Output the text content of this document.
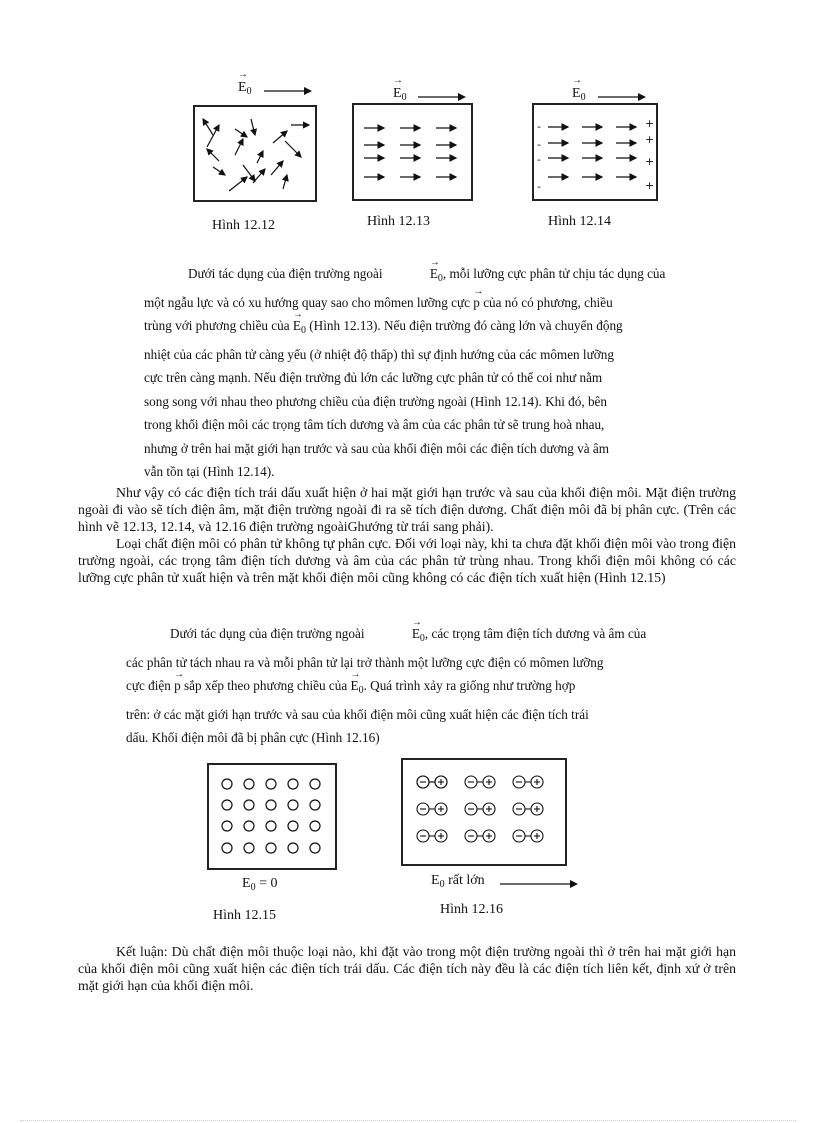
→ $E_0$
Hình 12.12
→ $E_0$
Hình 12.13
→ $E_0$
-
-
-
-
+
+
+
+
Hình 12.14

Dưới tác dụng của điện trường ngoài	→ $E_0$, mỗi lưỡng cực phân tử chịu tác dụng của

một ngẫu lực và có xu hướng quay sao cho mômen lưỡng cực → p của nó có phương, chiều

trùng với phương chiều của → $E_0$ (Hình 12.13). Nếu điện trường đó càng lớn và chuyển động

nhiệt của các phân tử càng yếu (ở nhiệt độ thấp) thì sự định hướng của các mômen lưỡng

cực trên càng mạnh. Nếu điện trường đủ lớn các lưỡng cực phân tử có thể coi như nằm

song song với nhau theo phương chiều của điện trường ngoài (Hình 12.14). Khi đó, bên

trong khối điện môi các trọng tâm tích dương và âm của các phân tử sẽ trung hoà nhau,

nhưng ở trên hai mặt giới hạn trước và sau của khối điện môi các điện tích dương và âm

vẫn tồn tại (Hình 12.14).

Như vậy có các điện tích trái dấu xuất hiện ở hai mặt giới hạn trước và sau của khối điện môi. Mặt điện trường ngoài đi vào sẽ tích điện âm, mặt điện trường ngoài đi ra sẽ tích điện dương. Chất điện môi đã bị phân cực. (Trên các hình vẽ 12.13, 12.14, và 12.16 điện trường ngoàiGhướng từ trái sang phải).

Loại chất điện môi có phân tử không tự phân cực. Đối với loại này, khi ta chưa đặt khối điện môi vào trong điện trường ngoài, các trọng tâm điện tích dương và âm của các phân tử trùng nhau. Trong khối điện môi không có các lưỡng cực phân tử xuất hiện và trên mặt khối điện môi cũng không có các điện tích xuất hiện (Hình 12.15)

Dưới tác dụng của điện trường ngoài	→ $E_0$, các trọng tâm điện tích dương và âm của

các phân tử tách nhau ra và mỗi phân tử lại trở thành một lưỡng cực điện có mômen lưỡng

cực điện → p sắp xếp theo phương chiều của → $E_0$. Quá trình xảy ra giống như trường hợp

trên: ở các mặt giới hạn trước và sau của khối điện môi cũng xuất hiện các điện tích trái

dấu. Khối điện môi đã bị phân cực (Hình 12.16)

$E_0 = 0$
Hình 12.15
$E_0$ rất lớn
Hình 12.16

Kết luận: Dù chất điện môi thuộc loại nào, khi đặt vào trong một điện trường ngoài thì ở trên hai mặt giới hạn của khối điện môi cũng xuất hiện các điện tích trái dấu. Các điện tích này đều là các điện tích liên kết, định xứ ở trên mặt giới hạn của khối điện môi.
